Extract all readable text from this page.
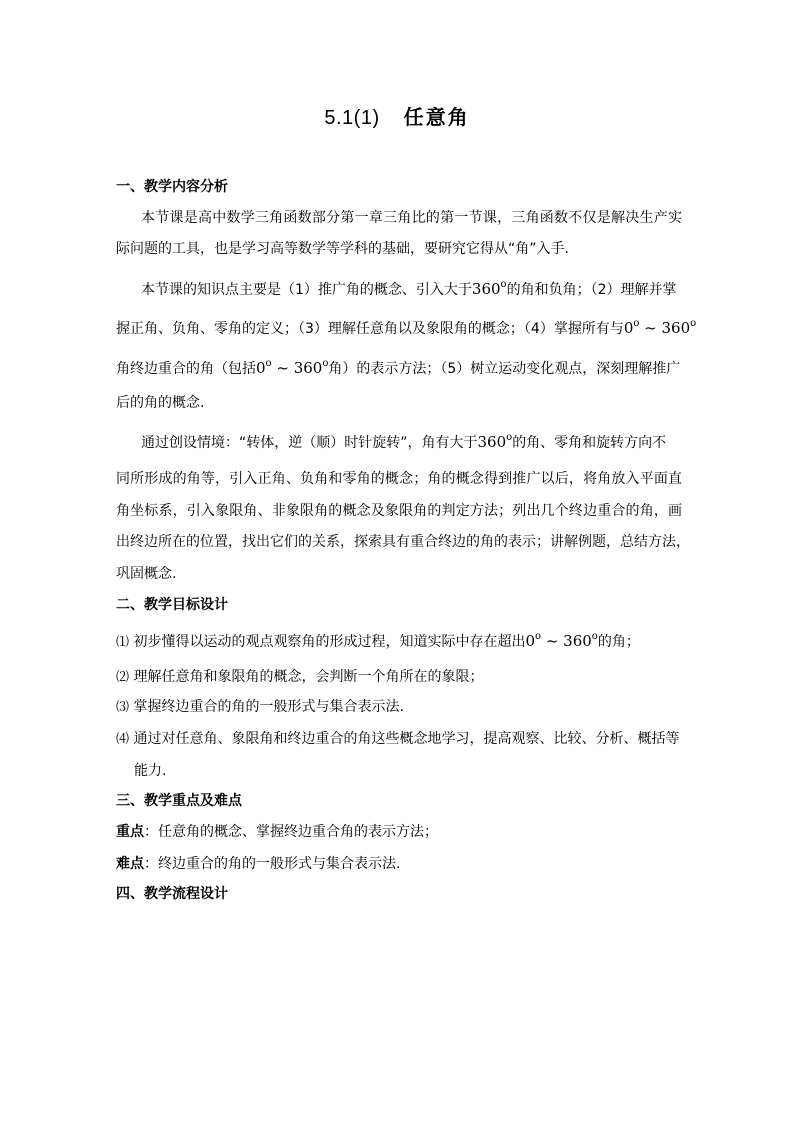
5.1(1) 任意角
一、教学内容分析
本节课是高中数学三角函数部分第一章三角比的第一节课，三角函数不仅是解决生产实
际问题的工具，也是学习高等数学等学科的基础，要研究它得从“角”入手.
本节课的知识点主要是（1）推广角的概念、引入大于360$^o$的角和负角；（2）理解并掌
握正角、负角、零角的定义；（3）理解任意角以及象限角的概念；（4）掌握所有与0$^o$ ~ 360$^o$
角终边重合的角（包括0$^o$ ~ 360$^o$角）的表示方法；（5）树立运动变化观点，深刻理解推广
后的角的概念.
通过创设情境：“转体，逆（顺）时针旋转”，角有大于360$^o$的角、零角和旋转方向不
同所形成的角等，引入正角、负角和零角的概念；角的概念得到推广以后，将角放入平面直
角坐标系，引入象限角、非象限角的概念及象限角的判定方法；列出几个终边重合的角，画
出终边所在的位置，找出它们的关系，探索具有重合终边的角的表示；讲解例题，总结方法，
巩固概念.
二、教学目标设计
⑴ 初步懂得以运动的观点观察角的形成过程，知道实际中存在超出0$^o$ ~ 360$^o$的角；
⑵ 理解任意角和象限角的概念，会判断一个角所在的象限；
⑶ 掌握终边重合的角的一般形式与集合表示法.
⑷ 通过对任意角、象限角和终边重合的角这些概念地学习，提高观察、比较、分析、概括等
能力.
三、教学重点及难点
重点：任意角的概念、掌握终边重合角的表示方法；
难点：终边重合的角的一般形式与集合表示法.
四、教学流程设计
